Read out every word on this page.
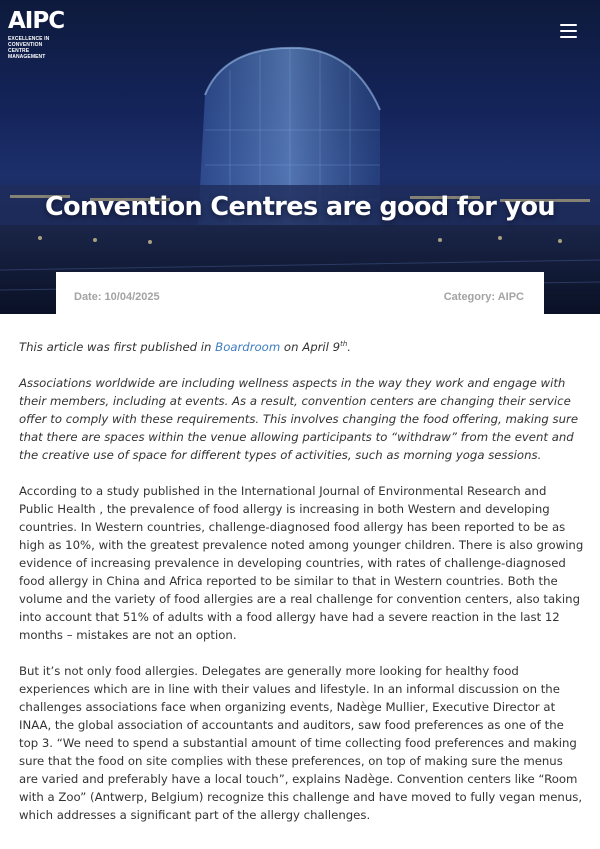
AIPC
EXCELLENCE IN
CONVENTION CENTRE
MANAGEMENT
Convention Centres are good for you
Date: 10/04/2025	Category: AIPC

This article was first published in Boardroom on April 9th.

Associations worldwide are including wellness aspects in the way they work and engage with their members, including at events. As a result, convention centers are changing their service offer to comply with these requirements. This involves changing the food offering, making sure that there are spaces within the venue allowing participants to “withdraw” from the event and the creative use of space for different types of activities, such as morning yoga sessions.

According to a study published in the International Journal of Environmental Research and Public Health , the prevalence of food allergy is increasing in both Western and developing countries. In Western countries, challenge-diagnosed food allergy has been reported to be as high as 10%, with the greatest prevalence noted among younger children. There is also growing evidence of increasing prevalence in developing countries, with rates of challenge-diagnosed food allergy in China and Africa reported to be similar to that in Western countries. Both the volume and the variety of food allergies are a real challenge for convention centers, also taking into account that 51% of adults with a food allergy have had a severe reaction in the last 12 months – mistakes are not an option.

But it’s not only food allergies. Delegates are generally more looking for healthy food experiences which are in line with their values and lifestyle. In an informal discussion on the challenges associations face when organizing events, Nadège Mullier, Executive Director at INAA, the global association of accountants and auditors, saw food preferences as one of the top 3. “We need to spend a substantial amount of time collecting food preferences and making sure that the food on site complies with these preferences, on top of making sure the menus are varied and preferably have a local touch”, explains Nadège. Convention centers like “Room with a Zoo” (Antwerp, Belgium) recognize this challenge and have moved to fully vegan menus, which addresses a significant part of the allergy challenges.
